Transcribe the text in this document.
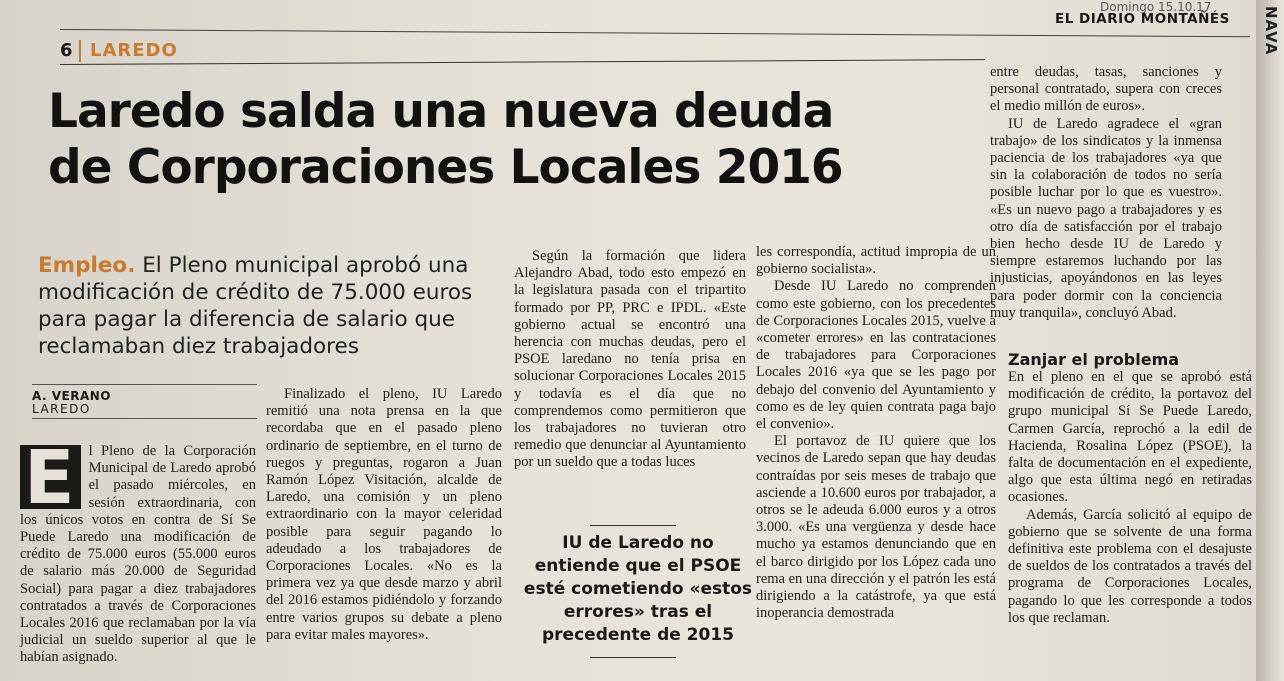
NAVA
Domingo 15.10.17
EL DIARIO MONTAÑÉS
6 LAREDO
Laredo salda una nueva deuda
de Corporaciones Locales 2016
Empleo. El Pleno municipal aprobó una modificación de crédito de 75.000 euros para pagar la diferencia de salario que reclamaban diez trabajadores
A. VERANO
LAREDO

E l Pleno de la Corporación Municipal de Laredo aprobó el pasado miércoles, en sesión extraordinaria, con los únicos votos en contra de Sí Se Puede Laredo una modificación de crédito de 75.000 euros (55.000 euros de salario más 20.000 de Seguridad Social) para pagar a diez trabajadores contratados a través de Corporaciones Locales 2016 que reclamaban por la vía judicial un sueldo superior al que le habían asignado.

Finalizado el pleno, IU Laredo remitió una nota prensa en la que recordaba que en el pasado pleno ordinario de septiembre, en el turno de ruegos y preguntas, rogaron a Juan Ramón López Visitación, alcalde de Laredo, una comisión y un pleno extraordinario con la mayor celeridad posible para seguir pagando lo adeudado a los trabajadores de Corporaciones Locales. «No es la primera vez ya que desde marzo y abril del 2016 estamos pidiéndolo y forzando entre varios grupos su debate a pleno para evitar males mayores».

Según la formación que lidera Alejandro Abad, todo esto empezó en la legislatura pasada con el tripartito formado por PP, PRC e IPDL. «Este gobierno actual se encontró una herencia con muchas deudas, pero el PSOE laredano no tenía prisa en solucionar Corporaciones Locales 2015 y todavía es el día que no comprendemos como permitieron que los trabajadores no tuvieran otro remedio que denunciar al Ayuntamiento por un sueldo que a todas luces

IU de Laredo no entiende que el PSOE esté cometiendo «estos errores» tras el precedente de 2015

les correspondía, actitud impropia de un gobierno socialista».

Desde IU Laredo no comprenden como este gobierno, con los precedentes de Corporaciones Locales 2015, vuelve a «cometer errores» en las contrataciones de trabajadores para Corporaciones Locales 2016 «ya que se les pago por debajo del convenio del Ayuntamiento y como es de ley quien contrata paga bajo el convenio».

El portavoz de IU quiere que los vecinos de Laredo sepan que hay deudas contraídas por seis meses de trabajo que asciende a 10.600 euros por trabajador, a otros se le adeuda 6.000 euros y a otros 3.000. «Es una vergüenza y desde hace mucho ya estamos denunciando que en el barco dirigido por los López cada uno rema en una dirección y el patrón les está dirigiendo a la catástrofe, ya que está inoperancia demostrada

entre deudas, tasas, sanciones y personal contratado, supera con creces el medio millón de euros».

IU de Laredo agradece el «gran trabajo» de los sindicatos y la inmensa paciencia de los trabajadores «ya que sin la colaboración de todos no sería posible luchar por lo que es vuestro». «Es un nuevo pago a trabajadores y es otro día de satisfacción por el trabajo bien hecho desde IU de Laredo y siempre estaremos luchando por las injusticias, apoyándonos en las leyes para poder dormir con la conciencia muy tranquila», concluyó Abad.

Zanjar el problema

En el pleno en el que se aprobó está modificación de crédito, la portavoz del grupo municipal Sí Se Puede Laredo, Carmen García, reprochó a la edil de Hacienda, Rosalina López (PSOE), la falta de documentación en el expediente, algo que esta última negó en retiradas ocasiones.

Además, García solicitó al equipo de gobierno que se solvente de una forma definitiva este problema con el desajuste de sueldos de los contratados a través del programa de Corporaciones Locales, pagando lo que les corresponde a todos los que reclaman.
